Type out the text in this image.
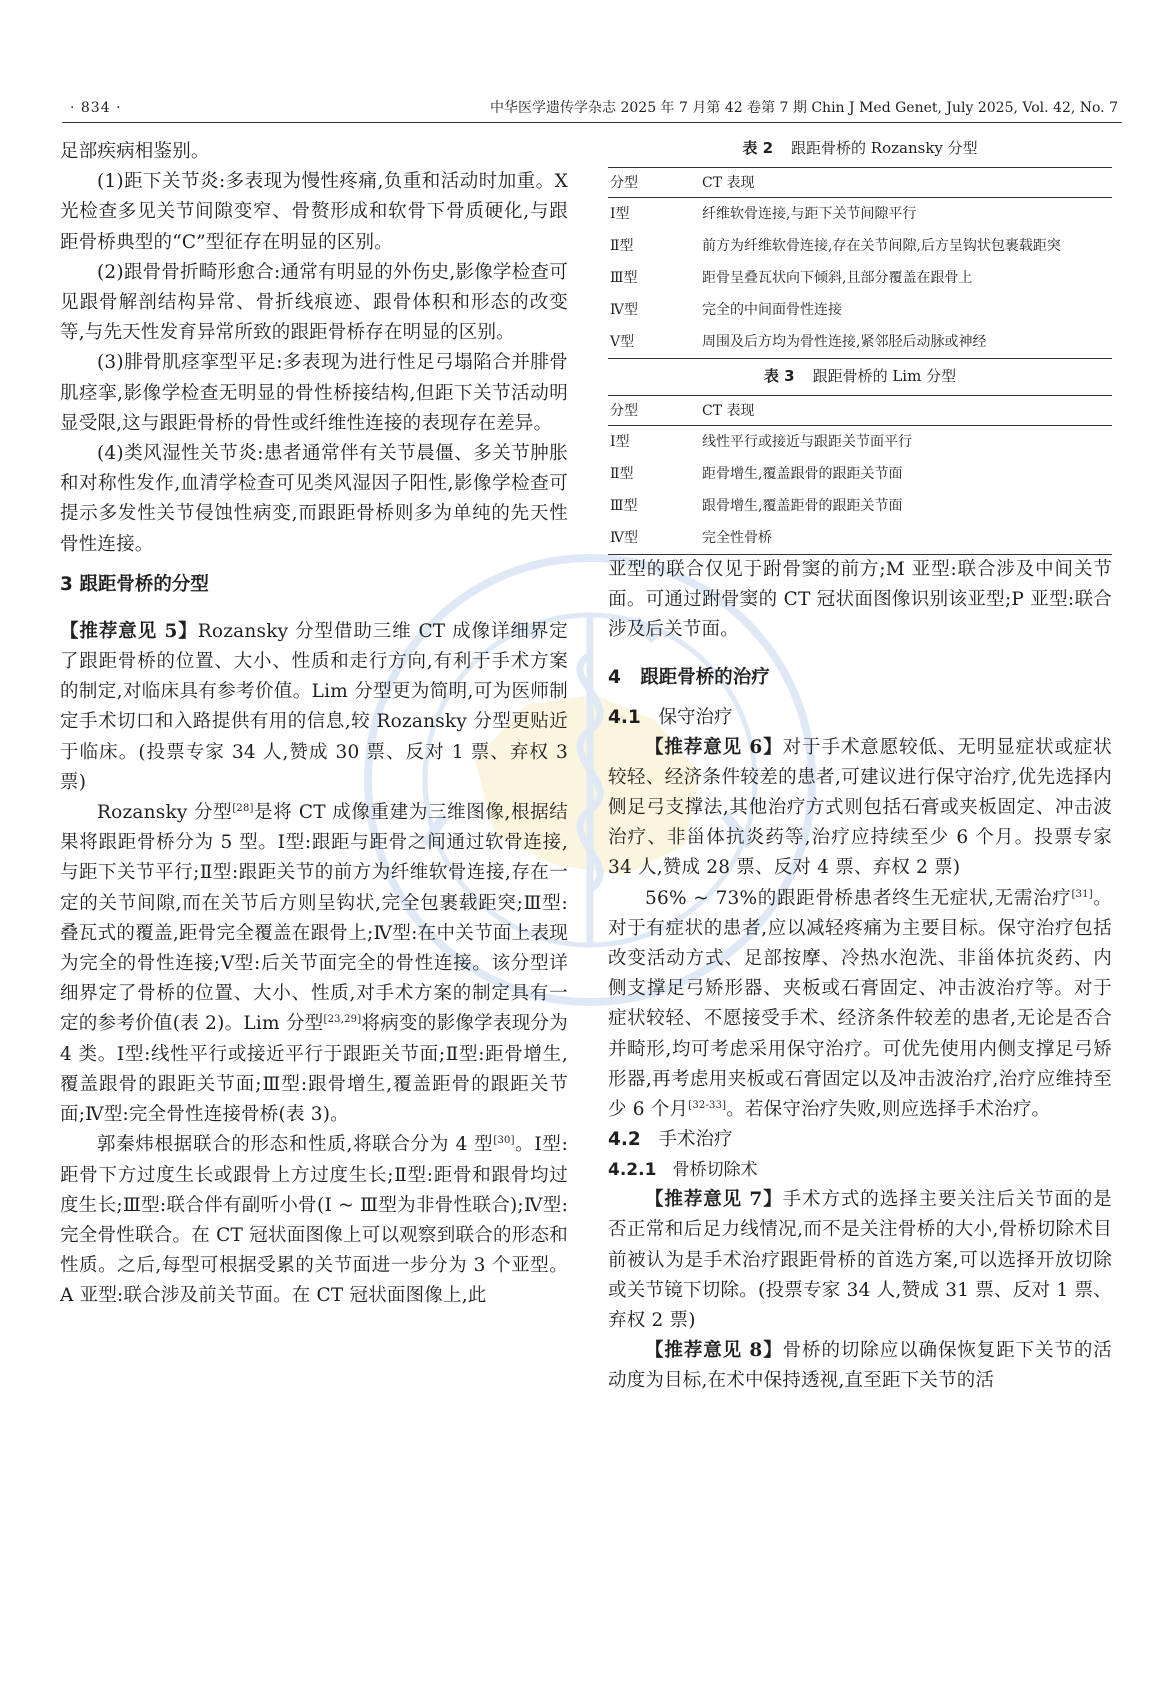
· 834 ·	中华医学遗传学杂志 2025 年 7 月第 42 卷第 7 期 Chin J Med Genet, July 2025, Vol. 42, No. 7

足部疾病相鉴别。

(1)距下关节炎:多表现为慢性疼痛,负重和活动时加重。X 光检查多见关节间隙变窄、骨赘形成和软骨下骨质硬化,与跟距骨桥典型的“C”型征存在明显的区别。

(2)跟骨骨折畸形愈合:通常有明显的外伤史,影像学检查可见跟骨解剖结构异常、骨折线痕迹、跟骨体积和形态的改变等,与先天性发育异常所致的跟距骨桥存在明显的区别。

(3)腓骨肌痉挛型平足:多表现为进行性足弓塌陷合并腓骨肌痉挛,影像学检查无明显的骨性桥接结构,但距下关节活动明显受限,这与跟距骨桥的骨性或纤维性连接的表现存在差异。

(4)类风湿性关节炎:患者通常伴有关节晨僵、多关节肿胀和对称性发作,血清学检查可见类风湿因子阳性,影像学检查可提示多发性关节侵蚀性病变,而跟距骨桥则多为单纯的先天性骨性连接。

3 跟距骨桥的分型

【推荐意见 5】Rozansky 分型借助三维 CT 成像详细界定了跟距骨桥的位置、大小、性质和走行方向,有利于手术方案的制定,对临床具有参考价值。Lim 分型更为简明,可为医师制定手术切口和入路提供有用的信息,较 Rozansky 分型更贴近于临床。(投票专家 34 人,赞成 30 票、反对 1 票、弃权 3 票)

Rozansky 分型[28]是将 CT 成像重建为三维图像,根据结果将跟距骨桥分为 5 型。Ⅰ型:跟距与距骨之间通过软骨连接,与距下关节平行;Ⅱ型:跟距关节的前方为纤维软骨连接,存在一定的关节间隙,而在关节后方则呈钩状,完全包裹载距突;Ⅲ型:叠瓦式的覆盖,距骨完全覆盖在跟骨上;Ⅳ型:在中关节面上表现为完全的骨性连接;Ⅴ型:后关节面完全的骨性连接。该分型详细界定了骨桥的位置、大小、性质,对手术方案的制定具有一定的参考价值(表 2)。Lim 分型[23,29]将病变的影像学表现分为 4 类。Ⅰ型:线性平行或接近平行于跟距关节面;Ⅱ型:距骨增生,覆盖跟骨的跟距关节面;Ⅲ型:跟骨增生,覆盖距骨的跟距关节面;Ⅳ型:完全骨性连接骨桥(表 3)。

郭秦炜根据联合的形态和性质,将联合分为 4 型[30]。Ⅰ型:距骨下方过度生长或跟骨上方过度生长;Ⅱ型:距骨和跟骨均过度生长;Ⅲ型:联合伴有副听小骨(Ⅰ ~ Ⅲ型为非骨性联合);Ⅳ型:完全骨性联合。在 CT 冠状面图像上可以观察到联合的形态和性质。之后,每型可根据受累的关节面进一步分为 3 个亚型。A 亚型:联合涉及前关节面。在 CT 冠状面图像上,此

表 2 跟距骨桥的 Rozansky 分型
分型	CT 表现
Ⅰ型	纤维软骨连接,与距下关节间隙平行
Ⅱ型	前方为纤维软骨连接,存在关节间隙,后方呈钩状包裹载距突
Ⅲ型	距骨呈叠瓦状向下倾斜,且部分覆盖在跟骨上
Ⅳ型	完全的中间面骨性连接
Ⅴ型	周围及后方均为骨性连接,紧邻胫后动脉或神经
表 3 跟距骨桥的 Lim 分型
分型	CT 表现
Ⅰ型	线性平行或接近与跟距关节面平行
Ⅱ型	距骨增生,覆盖跟骨的跟距关节面
Ⅲ型	跟骨增生,覆盖距骨的跟距关节面
Ⅳ型	完全性骨桥

亚型的联合仅见于跗骨窦的前方;M 亚型:联合涉及中间关节面。可通过跗骨窦的 CT 冠状面图像识别该亚型;P 亚型:联合涉及后关节面。

4 跟距骨桥的治疗
4.1 保守治疗

【推荐意见 6】对于手术意愿较低、无明显症状或症状较轻、经济条件较差的患者,可建议进行保守治疗,优先选择内侧足弓支撑法,其他治疗方式则包括石膏或夹板固定、冲击波治疗、非甾体抗炎药等,治疗应持续至少 6 个月。投票专家 34 人,赞成 28 票、反对 4 票、弃权 2 票)

56% ~ 73%的跟距骨桥患者终生无症状,无需治疗[31]。对于有症状的患者,应以减轻疼痛为主要目标。保守治疗包括改变活动方式、足部按摩、冷热水泡洗、非甾体抗炎药、内侧支撑足弓矫形器、夹板或石膏固定、冲击波治疗等。对于症状较轻、不愿接受手术、经济条件较差的患者,无论是否合并畸形,均可考虑采用保守治疗。可优先使用内侧支撑足弓矫形器,再考虑用夹板或石膏固定以及冲击波治疗,治疗应维持至少 6 个月[32-33]。若保守治疗失败,则应选择手术治疗。

4.2 手术治疗
4.2.1 骨桥切除术

【推荐意见 7】手术方式的选择主要关注后关节面的是否正常和后足力线情况,而不是关注骨桥的大小,骨桥切除术目前被认为是手术治疗跟距骨桥的首选方案,可以选择开放切除或关节镜下切除。(投票专家 34 人,赞成 31 票、反对 1 票、弃权 2 票)

【推荐意见 8】骨桥的切除应以确保恢复距下关节的活动度为目标,在术中保持透视,直至距下关节的活
